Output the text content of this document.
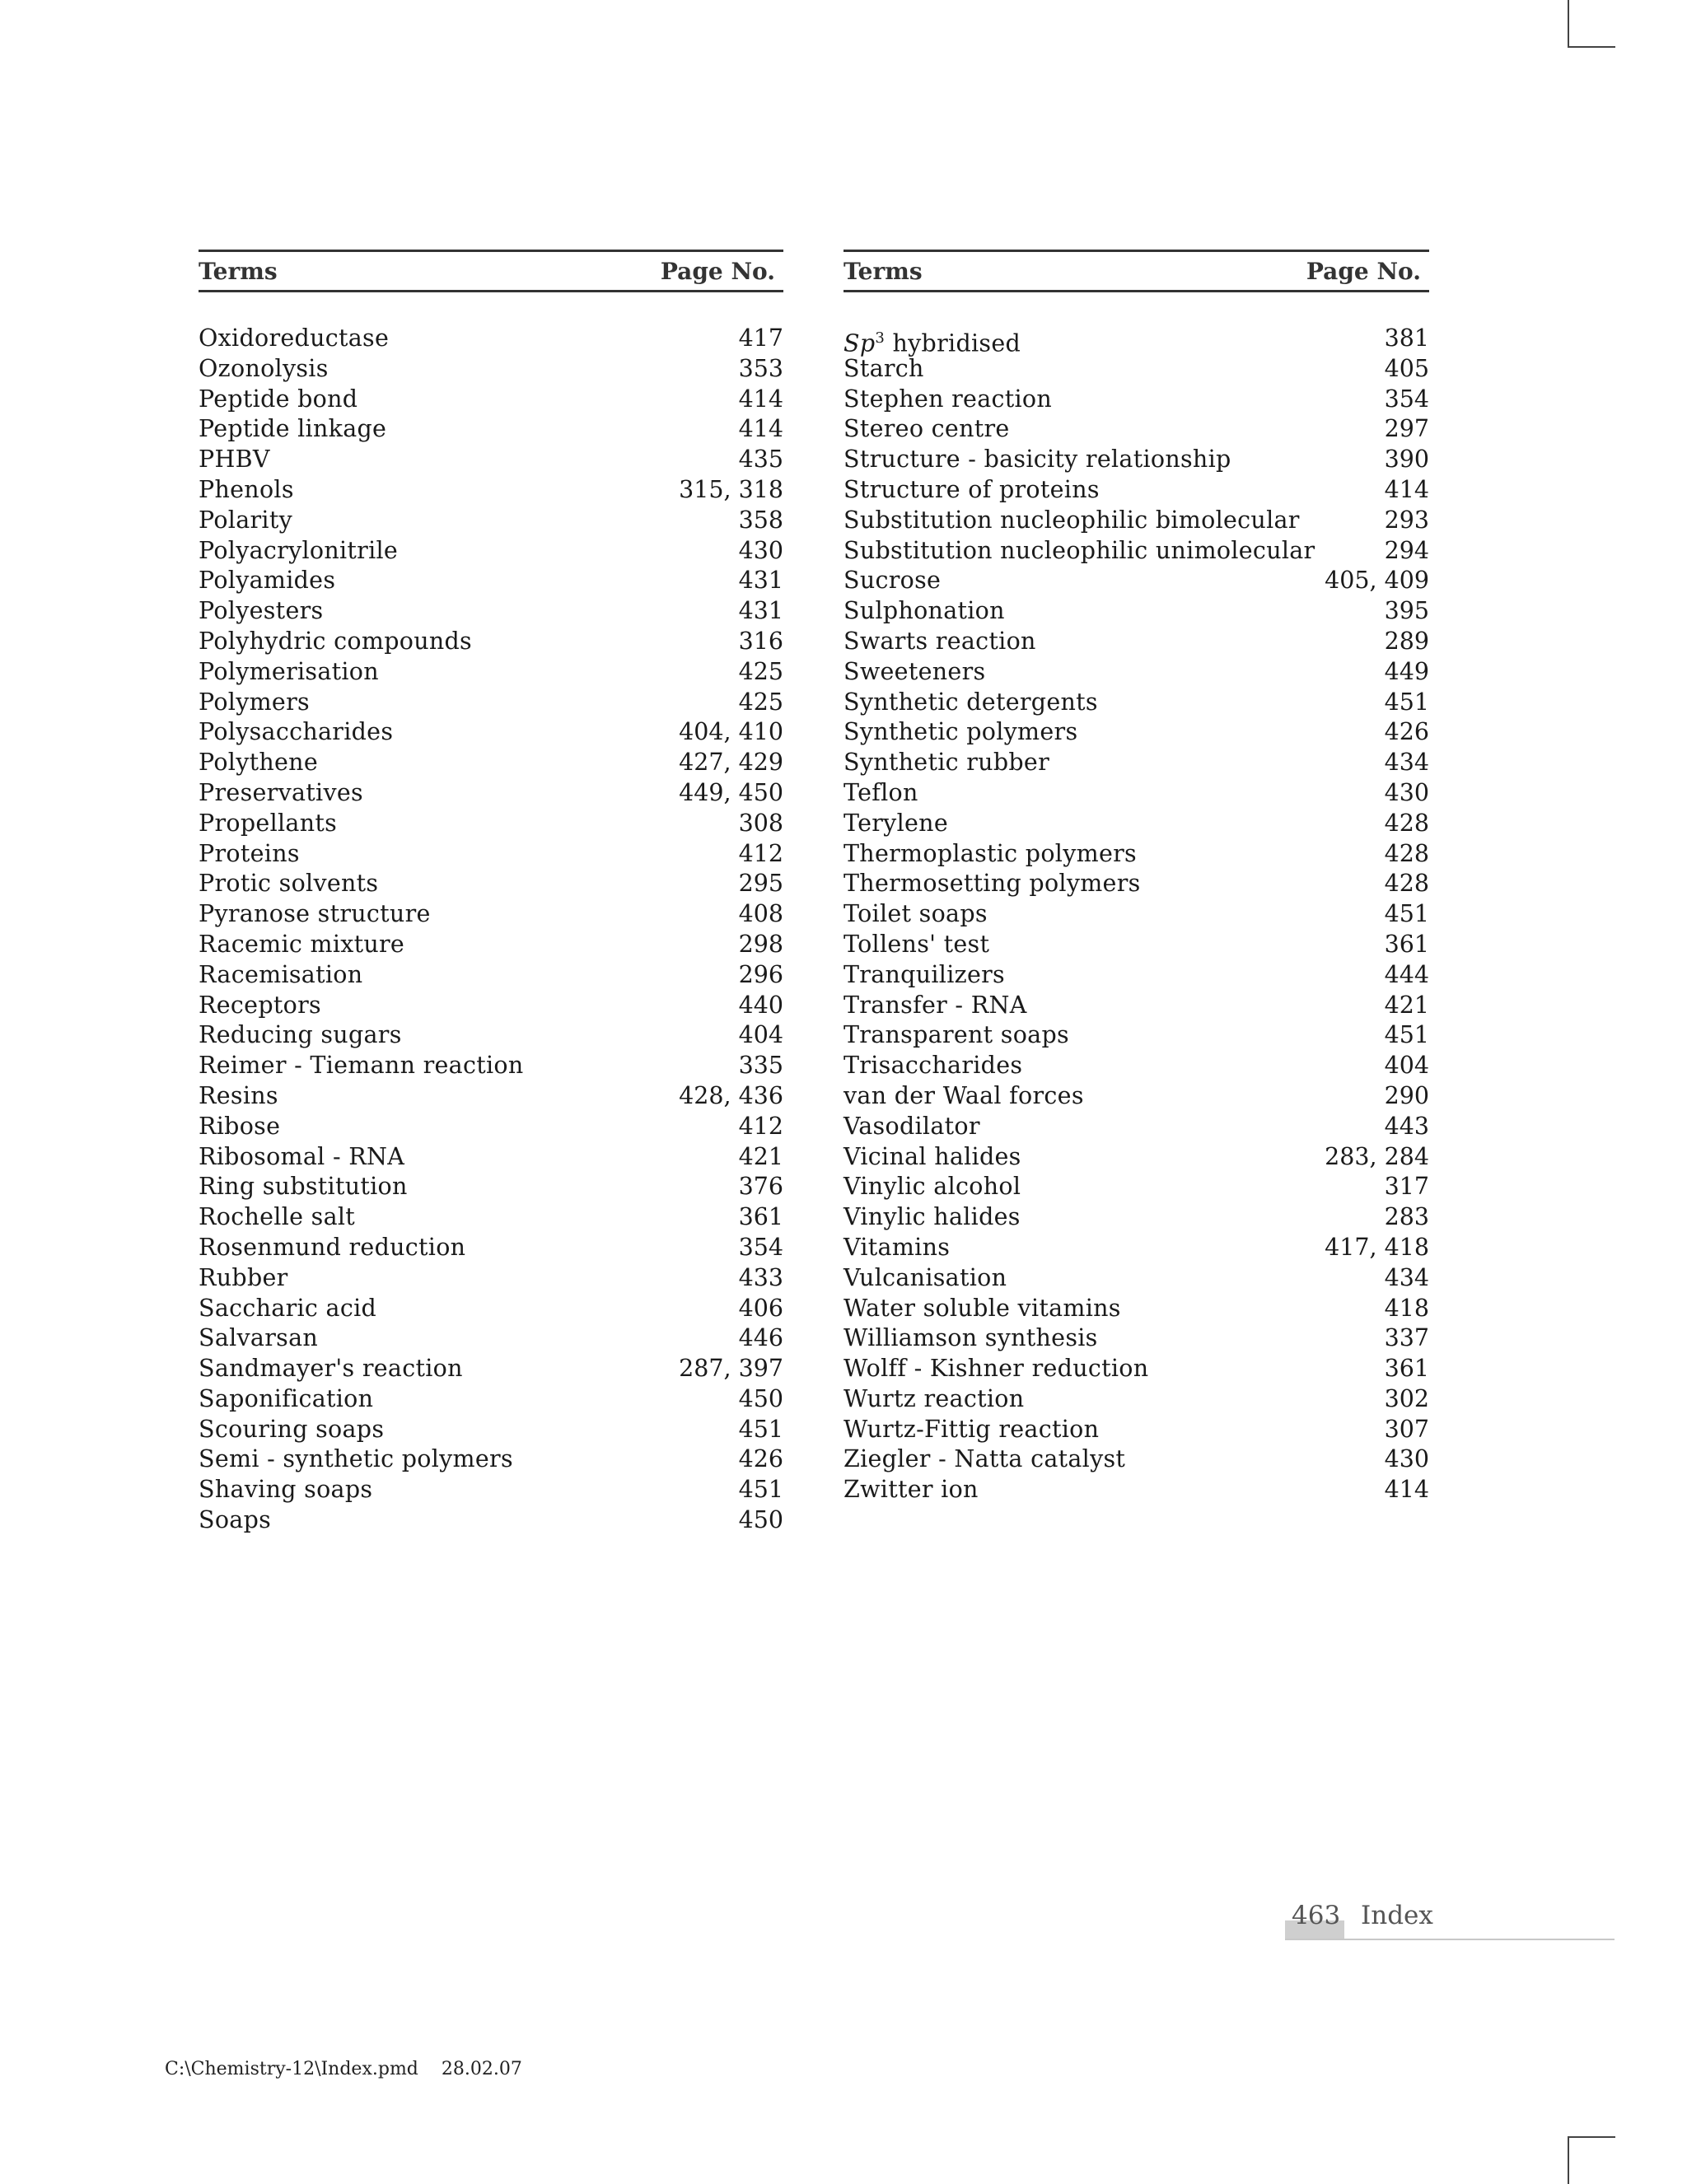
Terms	Page No.
Oxidoreductase	417
Ozonolysis	353
Peptide bond	414
Peptide linkage	414
PHBV	435
Phenols	315, 318
Polarity	358
Polyacrylonitrile	430
Polyamides	431
Polyesters	431
Polyhydric compounds	316
Polymerisation	425
Polymers	425
Polysaccharides	404, 410
Polythene	427, 429
Preservatives	449, 450
Propellants	308
Proteins	412
Protic solvents	295
Pyranose structure	408
Racemic mixture	298
Racemisation	296
Receptors	440
Reducing sugars	404
Reimer - Tiemann reaction	335
Resins	428, 436
Ribose	412
Ribosomal - RNA	421
Ring substitution	376
Rochelle salt	361
Rosenmund reduction	354
Rubber	433
Saccharic acid	406
Salvarsan	446
Sandmayer's reaction	287, 397
Saponification	450
Scouring soaps	451
Semi - synthetic polymers	426
Shaving soaps	451
Soaps	450
Terms	Page No.
Sp$^3$ hybridised	381
Starch	405
Stephen reaction	354
Stereo centre	297
Structure - basicity relationship	390
Structure of proteins	414
Substitution nucleophilic bimolecular	293
Substitution nucleophilic unimolecular	294
Sucrose	405, 409
Sulphonation	395
Swarts reaction	289
Sweeteners	449
Synthetic detergents	451
Synthetic polymers	426
Synthetic rubber	434
Teflon	430
Terylene	428
Thermoplastic polymers	428
Thermosetting polymers	428
Toilet soaps	451
Tollens' test	361
Tranquilizers	444
Transfer - RNA	421
Transparent soaps	451
Trisaccharides	404
van der Waal forces	290
Vasodilator	443
Vicinal halides	283, 284
Vinylic alcohol	317
Vinylic halides	283
Vitamins	417, 418
Vulcanisation	434
Water soluble vitamins	418
Williamson synthesis	337
Wolff - Kishner reduction	361
Wurtz reaction	302
Wurtz-Fittig reaction	307
Ziegler - Natta catalyst	430
Zwitter ion	414
463 Index
C:\Chemistry-12\Index.pmd    28.02.07
